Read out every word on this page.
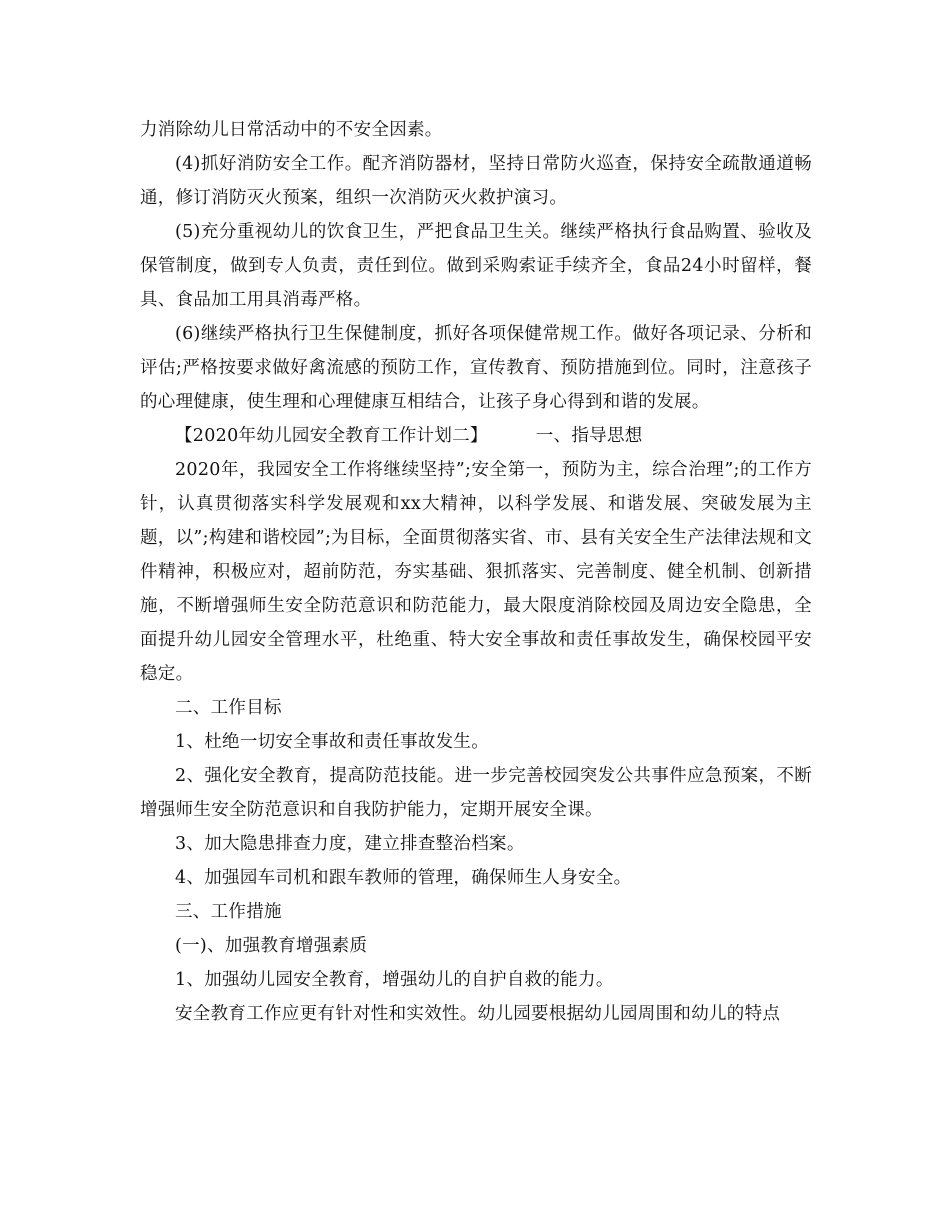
力消除幼儿日常活动中的不安全因素。

(4)抓好消防安全工作。配齐消防器材，坚持日常防火巡查，保持安全疏散通道畅通，修订消防灭火预案，组织一次消防灭火救护演习。

(5)充分重视幼儿的饮食卫生，严把食品卫生关。继续严格执行食品购置、验收及保管制度，做到专人负责，责任到位。做到采购索证手续齐全，食品24小时留样，餐具、食品加工用具消毒严格。

(6)继续严格执行卫生保健制度，抓好各项保健常规工作。做好各项记录、分析和评估;严格按要求做好禽流感的预防工作，宣传教育、预防措施到位。同时，注意孩子的心理健康，使生理和心理健康互相结合，让孩子身心得到和谐的发展。

【2020年幼儿园安全教育工作计划二】	一、指导思想

2020年，我园安全工作将继续坚持”;安全第一，预防为主，综合治理”;的工作方针，认真贯彻落实科学发展观和xx大精神，以科学发展、和谐发展、突破发展为主题，以”;构建和谐校园”;为目标，全面贯彻落实省、市、县有关安全生产法律法规和文件精神，积极应对，超前防范，夯实基础、狠抓落实、完善制度、健全机制、创新措施，不断增强师生安全防范意识和防范能力，最大限度消除校园及周边安全隐患，全面提升幼儿园安全管理水平，杜绝重、特大安全事故和责任事故发生，确保校园平安稳定。

二、工作目标

1、杜绝一切安全事故和责任事故发生。

2、强化安全教育，提高防范技能。进一步完善校园突发公共事件应急预案，不断增强师生安全防范意识和自我防护能力，定期开展安全课。

3、加大隐患排查力度，建立排查整治档案。

4、加强园车司机和跟车教师的管理，确保师生人身安全。

三、工作措施

(一)、加强教育增强素质

1、加强幼儿园安全教育，增强幼儿的自护自救的能力。

安全教育工作应更有针对性和实效性。幼儿园要根据幼儿园周围和幼儿的特点
